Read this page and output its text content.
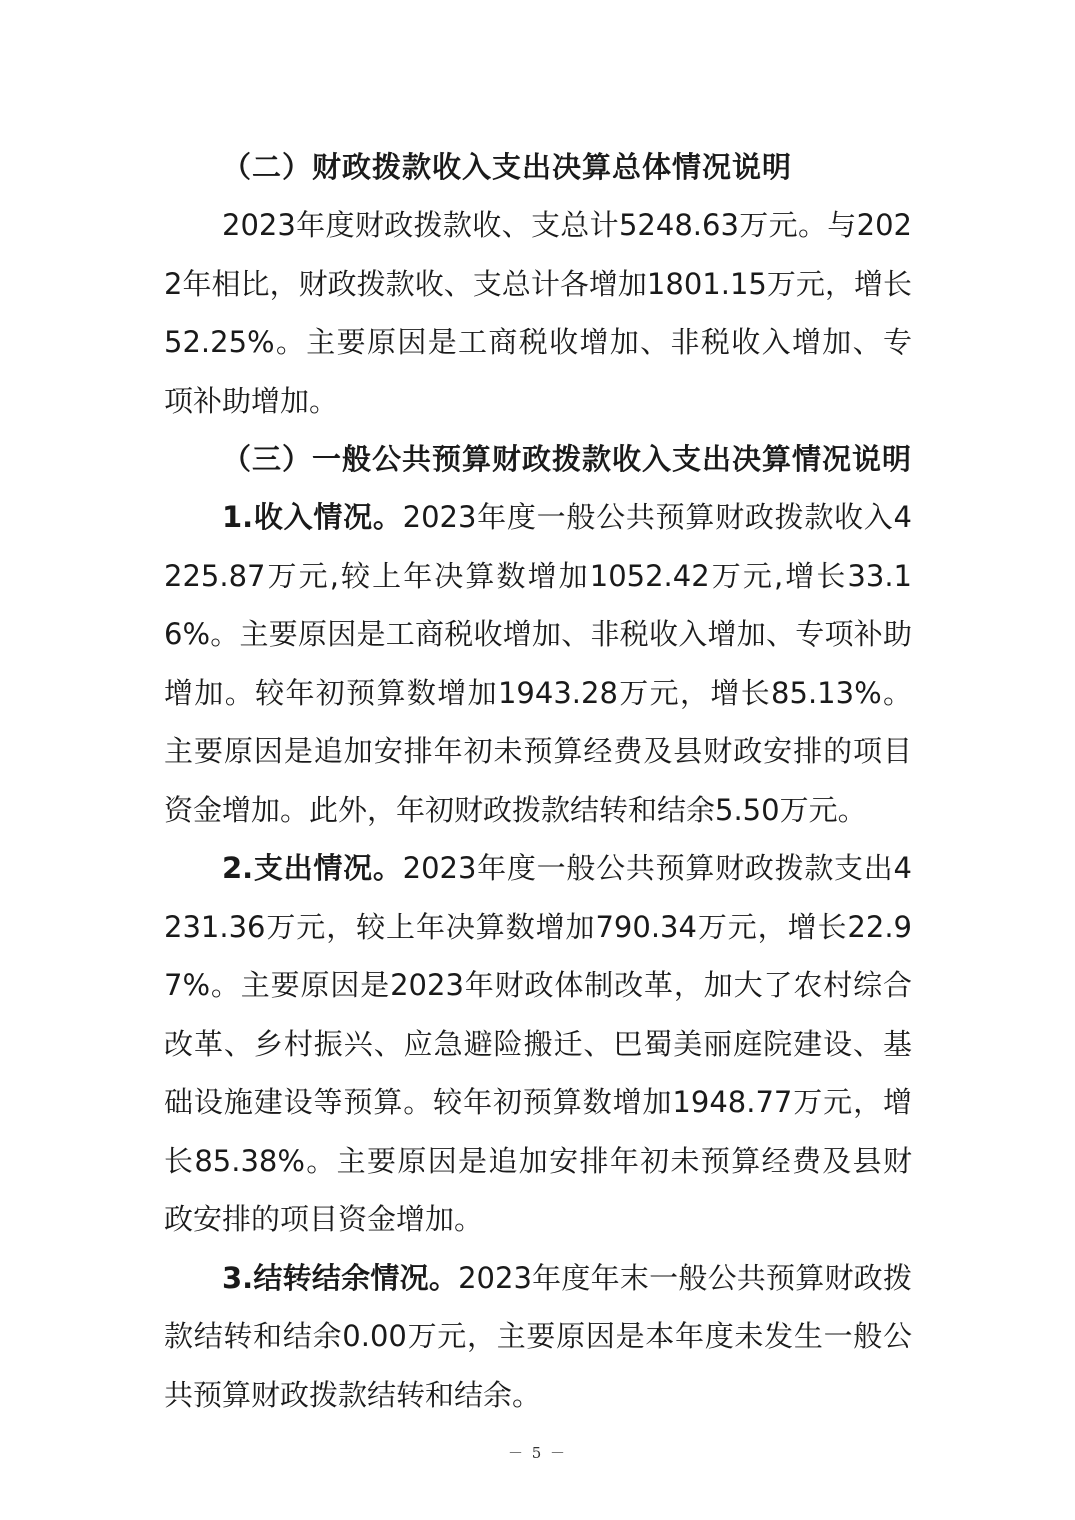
（二）财政拨款收入支出决算总体情况说明

2023年度财政拨款收、支总计5248.63万元。与2022年相比，财政拨款收、支总计各增加1801.15万元，增长52.25%。主要原因是工商税收增加、非税收入增加、专项补助增加。

（三）一般公共预算财政拨款收入支出决算情况说明

1.收入情况。2023年度一般公共预算财政拨款收入4225.87万元,较上年决算数增加1052.42万元,增长33.16%。主要原因是工商税收增加、非税收入增加、专项补助增加。较年初预算数增加1943.28万元，增长85.13%。主要原因是追加安排年初未预算经费及县财政安排的项目资金增加。此外，年初财政拨款结转和结余5.50万元。

2.支出情况。2023年度一般公共预算财政拨款支出4231.36万元，较上年决算数增加790.34万元，增长22.97%。主要原因是2023年财政体制改革，加大了农村综合改革、乡村振兴、应急避险搬迁、巴蜀美丽庭院建设、基础设施建设等预算。较年初预算数增加1948.77万元，增长85.38%。主要原因是追加安排年初未预算经费及县财政安排的项目资金增加。

3.结转结余情况。2023年度年末一般公共预算财政拨款结转和结余0.00万元，主要原因是本年度未发生一般公共预算财政拨款结转和结余。

－ 5 －
